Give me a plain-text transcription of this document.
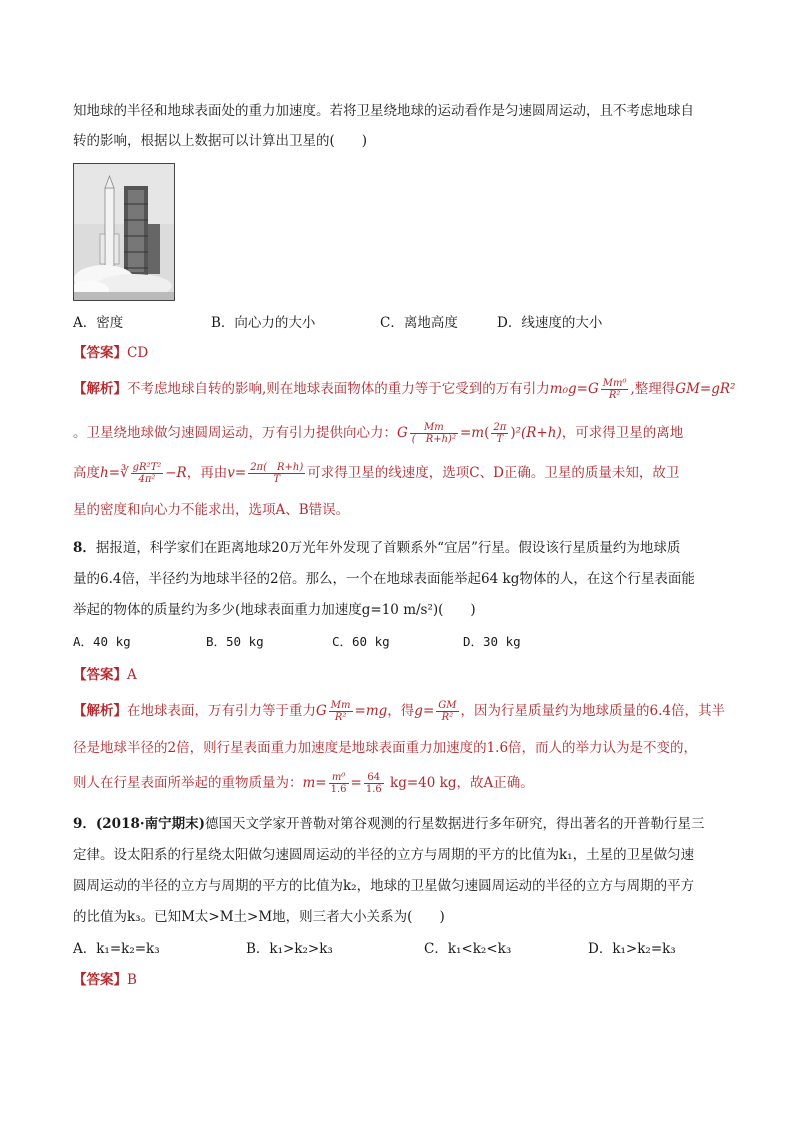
知地球的半径和地球表面处的重力加速度。若将卫星绕地球的运动看作是匀速圆周运动，且不考虑地球自
转的影响，根据以上数据可以计算出卫星的(　　)
A．密度	B．向心力的大小	C．离地高度	D．线速度的大小
【答案】CD
【解析】不考虑地球自转的影响,则在地球表面物体的重力等于它受到的万有引力$m_0g=G \frac{\text{Mm⁰}}{\text{R²}}$ ,整理得GM=gR²
。卫星绕地球做匀速圆周运动，万有引力提供向心力：G $\frac{Mm}{\text{(　R+h)²}} =m( \frac{2\pi}{T} )^2(R+h)$，可求得卫星的离地
高度h=∛ $\frac{\text{gR²T²}}{\text{4π²}} -R$，再由$v= \frac{2\pi( R+h)}{T}$ 可求得卫星的线速度，选项C、D正确。卫星的质量未知，故卫
星的密度和向心力不能求出，选项A、B错误。
8．据报道，科学家们在距离地球20万光年外发现了首颗系外“宜居”行星。假设该行星质量约为地球质
量的6.4倍，半径约为地球半径的2倍。那么，一个在地球表面能举起64 kg物体的人，在这个行星表面能
举起的物体的质量约为多少(地球表面重力加速度g=10 m/s²)(　　)
A．40 kg	B．50 kg	C．60 kg	D．30 kg
【答案】A
【解析】在地球表面，万有引力等于重力G $\frac{Mm}{\text{R²}} =mg$，得$g= \frac{GM}{\text{R²}}$ ，因为行星质量约为地球质量的6.4倍，其半
径是地球半径的2倍，则行星表面重力加速度是地球表面重力加速度的1.6倍，而人的举力认为是不变的，
则人在行星表面所举起的重物质量为：$m= \frac{\text{m⁰}}{1.6} = \frac{64}{1.6} kg=40$ kg，故A正确。
9．(2018·南宁期末)德国天文学家开普勒对第谷观测的行星数据进行多年研究，得出著名的开普勒行星三
定律。设太阳系的行星绕太阳做匀速圆周运动的半径的立方与周期的平方的比值为k₁，土星的卫星做匀速
圆周运动的半径的立方与周期的平方的比值为k₂，地球的卫星做匀速圆周运动的半径的立方与周期的平方
的比值为k₃。已知M太>M土>M地，则三者大小关系为(　　)
A．k₁=k₂=k₃	B．k₁>k₂>k₃	C．k₁<k₂<k₃	D．k₁>k₂=k₃
【答案】B
